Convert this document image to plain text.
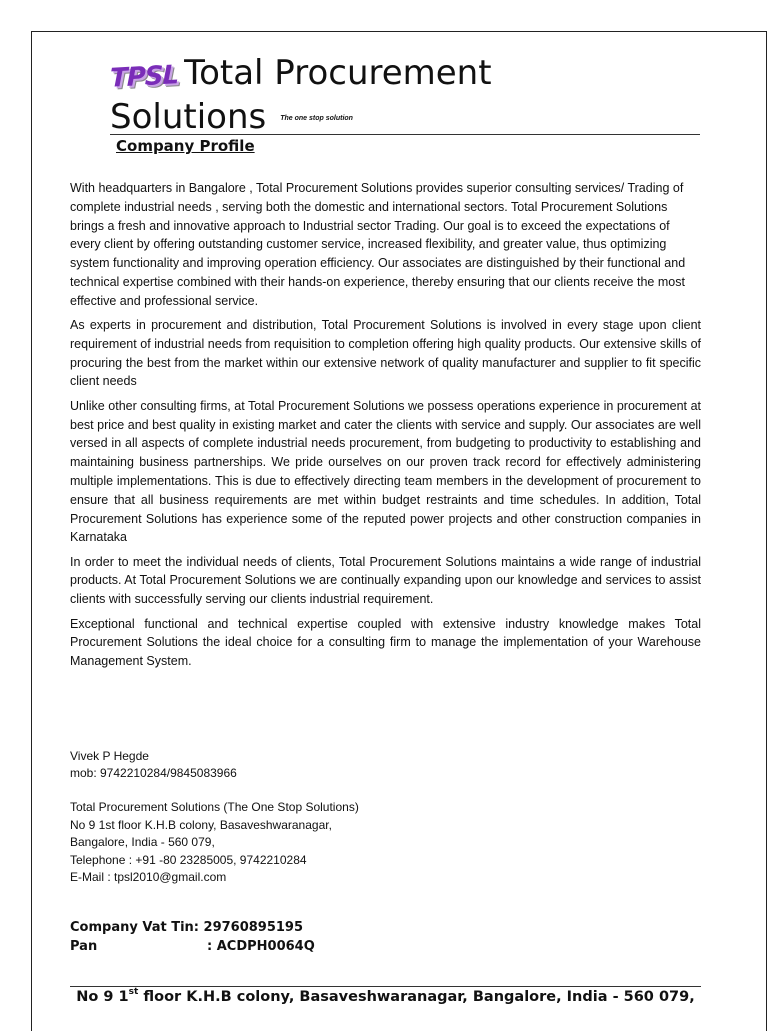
TPSL Total Procurement
Solutions The one stop solution
Company Profile

With headquarters in Bangalore , Total Procurement Solutions provides superior consulting services/ Trading of complete industrial needs , serving both the domestic and international sectors. Total Procurement Solutions brings a fresh and innovative approach to Industrial sector Trading. Our goal is to exceed the expectations of every client by offering outstanding customer service, increased flexibility, and greater value, thus optimizing system functionality and improving operation efficiency. Our associates are distinguished by their functional and technical expertise combined with their hands-on experience, thereby ensuring that our clients receive the most effective and professional service.

As experts in procurement and distribution, Total Procurement Solutions is involved in every stage upon client requirement of industrial needs from requisition to completion offering high quality products. Our extensive skills of procuring the best from the market within our extensive network of quality manufacturer and supplier to fit specific client needs

Unlike other consulting firms, at Total Procurement Solutions we possess operations experience in procurement at best price and best quality in existing market and cater the clients with service and supply. Our associates are well versed in all aspects of complete industrial needs procurement, from budgeting to productivity to establishing and maintaining business partnerships. We pride ourselves on our proven track record for effectively administering multiple implementations. This is due to effectively directing team members in the development of procurement to ensure that all business requirements are met within budget restraints and time schedules. In addition, Total Procurement Solutions has experience some of the reputed power projects and other construction companies in Karnataka

In order to meet the individual needs of clients, Total Procurement Solutions maintains a wide range of industrial products. At Total Procurement Solutions we are continually expanding upon our knowledge and services to assist clients with successfully serving our clients industrial requirement.

Exceptional functional and technical expertise coupled with extensive industry knowledge makes Total Procurement Solutions the ideal choice for a consulting firm to manage the implementation of your Warehouse Management System.

Vivek P Hegde
mob: 9742210284/9845083966
Total Procurement Solutions (The One Stop Solutions)
No 9 1st floor K.H.B colony, Basaveshwaranagar,
Bangalore, India - 560 079,
Telephone : +91 -80 23285005, 9742210284
E-Mail : tpsl2010@gmail.com
Company Vat Tin : 29760895195
Pan	: ACDPH0064Q
No 9 1st floor K.H.B colony, Basaveshwaranagar, Bangalore, India - 560 079,
